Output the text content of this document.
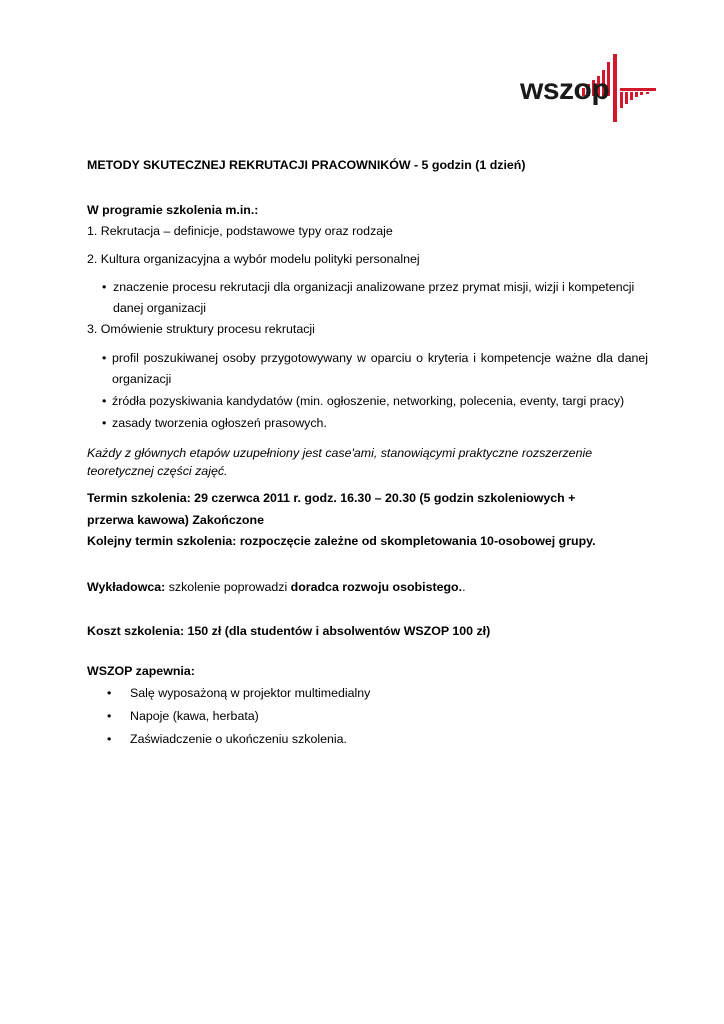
wszop
METODY SKUTECZNEJ REKRUTACJI PRACOWNIKÓW - 5 godzin (1 dzień)
W programie szkolenia m.in.:
1. Rekrutacja – definicje, podstawowe typy oraz rodzaje
2. Kultura organizacyjna a wybór modelu polityki personalnej
• znaczenie procesu rekrutacji dla organizacji analizowane przez prymat misji, wizji i kompetencji
danej organizacji
3. Omówienie struktury procesu rekrutacji
• profil poszukiwanej osoby przygotowywany w oparciu o kryteria i kompetencje ważne dla danej
organizacji
• źródła pozyskiwania kandydatów (min. ogłoszenie, networking, polecenia, eventy, targi pracy)
• zasady tworzenia ogłoszeń prasowych.
Każdy z głównych etapów uzupełniony jest case'ami, stanowiącymi praktyczne rozszerzenie
teoretycznej części zajęć.
Termin szkolenia: 29 czerwca 2011 r. godz. 16.30 – 20.30 (5 godzin szkoleniowych +
przerwa kawowa) Zakończone
Kolejny termin szkolenia: rozpoczęcie zależne od skompletowania 10-osobowej grupy.
Wykładowca: szkolenie poprowadzi doradca rozwoju osobistego..
Koszt szkolenia: 150 zł (dla studentów i absolwentów WSZOP 100 zł)
WSZOP zapewnia:
• Salę wyposażoną w projektor multimedialny
• Napoje (kawa, herbata)
• Zaświadczenie o ukończeniu szkolenia.
